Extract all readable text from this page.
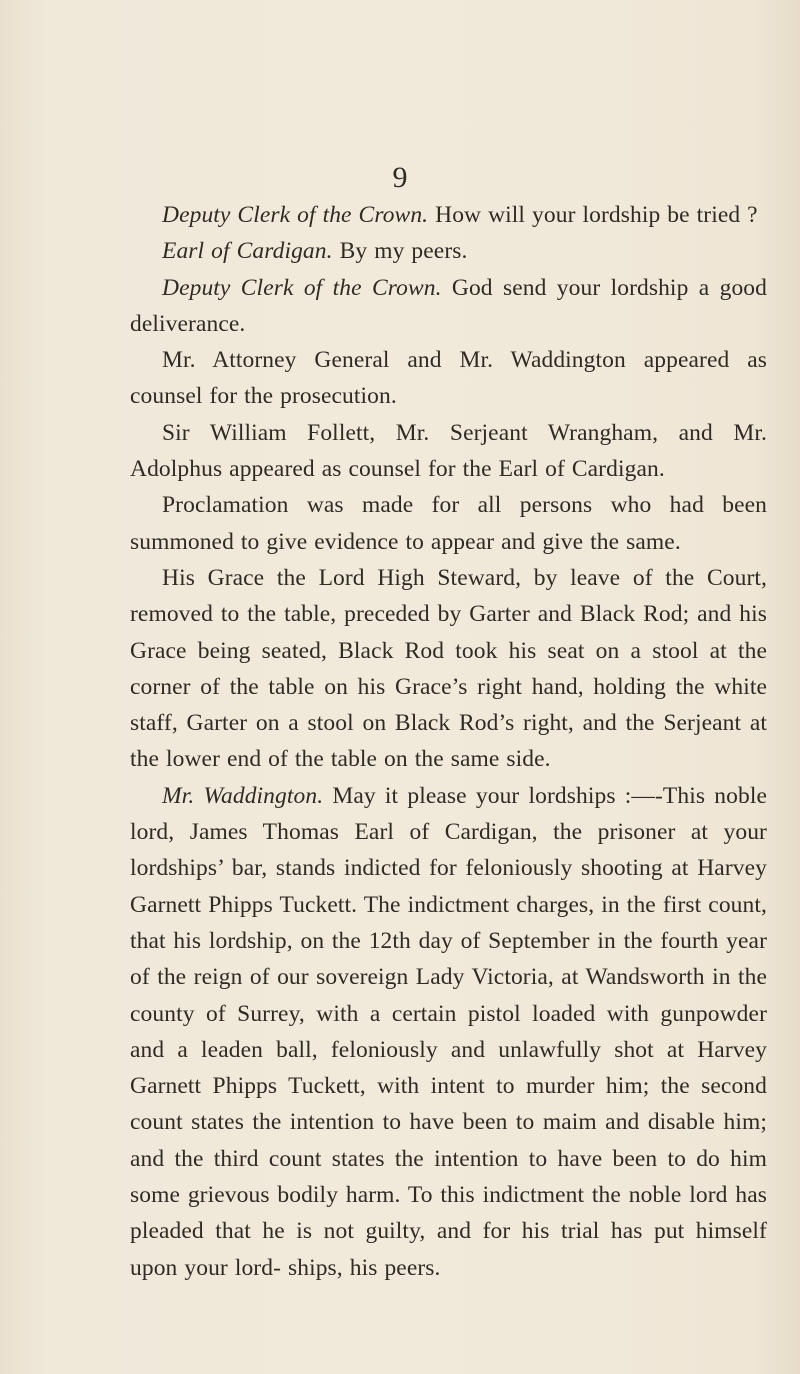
9

Deputy Clerk of the Crown. How will your lordship be tried ?

Earl of Cardigan. By my peers.

Deputy Clerk of the Crown. God send your lordship a good deliverance.

Mr. Attorney General and Mr. Waddington appeared as counsel for the prosecution.

Sir William Follett, Mr. Serjeant Wrangham, and Mr. Adolphus appeared as counsel for the Earl of Cardigan.

Proclamation was made for all persons who had been summoned to give evidence to appear and give the same.

His Grace the Lord High Steward, by leave of the Court, removed to the table, preceded by Garter and Black Rod; and his Grace being seated, Black Rod took his seat on a stool at the corner of the table on his Grace’s right hand, holding the white staff, Garter on a stool on Black Rod’s right, and the Serjeant at the lower end of the table on the same side.

Mr. Waddington. May it please your lordships :—-This noble lord, James Thomas Earl of Cardigan, the prisoner at your lordships’ bar, stands indicted for feloniously shooting at Harvey Garnett Phipps Tuckett. The indictment charges, in the first count, that his lordship, on the 12th day of September in the fourth year of the reign of our sovereign Lady Victoria, at Wandsworth in the county of Surrey, with a certain pistol loaded with gunpowder and a leaden ball, feloniously and unlawfully shot at Harvey Garnett Phipps Tuckett, with intent to murder him; the second count states the intention to have been to maim and disable him; and the third count states the intention to have been to do him some grievous bodily harm. To this indictment the noble lord has pleaded that he is not guilty, and for his trial has put himself upon your lord- ships, his peers.
